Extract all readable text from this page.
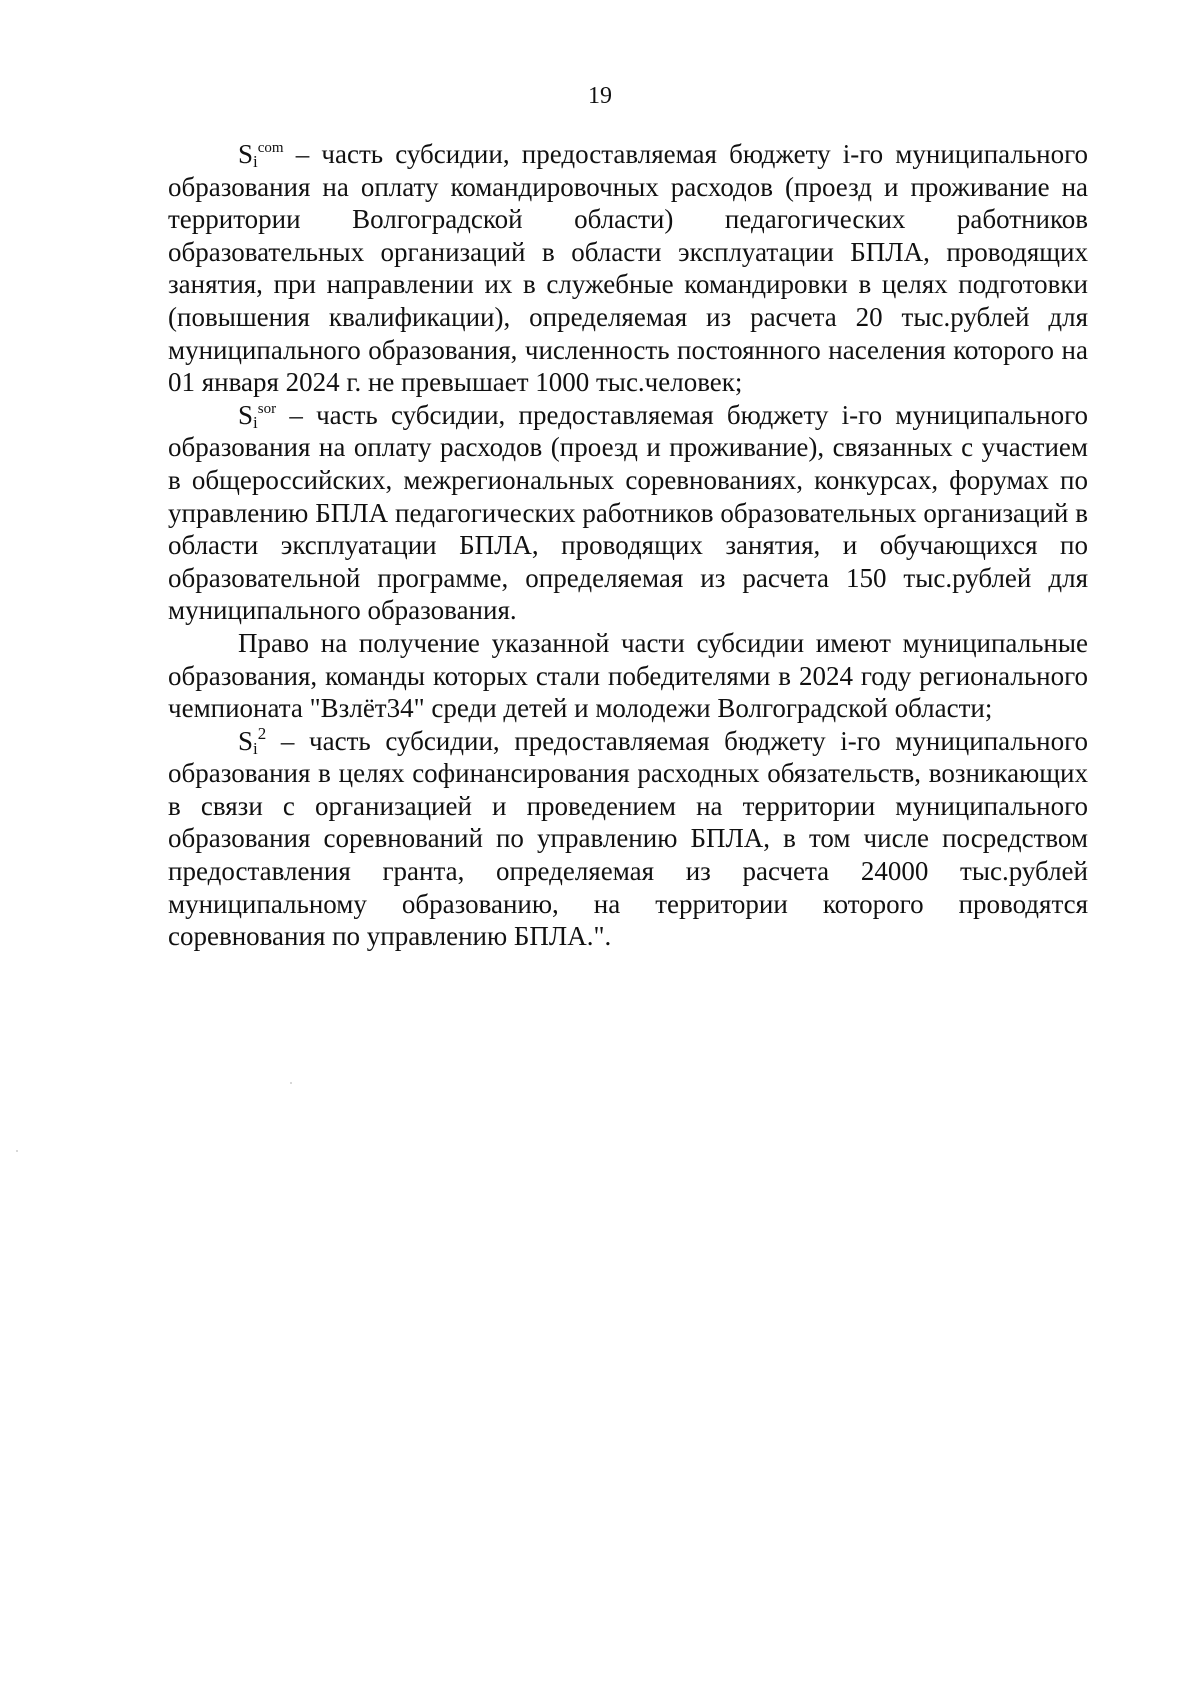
19

$S_i^{com}$ – часть субсидии, предоставляемая бюджету i-го муниципального образования на оплату командировочных расходов (проезд и проживание на территории Волгоградской области) педагогических работников образовательных организаций в области эксплуатации БПЛА, проводящих занятия, при направлении их в служебные командировки в целях подготовки (повышения квалификации), определяемая из расчета 20 тыс.рублей для муниципального образования, численность постоянного населения которого на 01 января 2024 г. не превышает 1000 тыс.человек;

$S_i^{sor}$ – часть субсидии, предоставляемая бюджету i-го муниципального образования на оплату расходов (проезд и проживание), связанных с участием в общероссийских, межрегиональных соревнованиях, конкурсах, форумах по управлению БПЛА педагогических работников образовательных организаций в области эксплуатации БПЛА, проводящих занятия, и обучающихся по образовательной программе, определяемая из расчета 150 тыс.рублей для муниципального образования.

Право на получение указанной части субсидии имеют муниципальные образования, команды которых стали победителями в 2024 году регионального чемпионата "Взлёт34" среди детей и молодежи Волгоградской области;

$S_i^2$ – часть субсидии, предоставляемая бюджету i-го муниципального образования в целях софинансирования расходных обязательств, возникающих в связи с организацией и проведением на территории муниципального образования соревнований по управлению БПЛА, в том числе посредством предоставления гранта, определяемая из расчета 24000 тыс.рублей муниципальному образованию, на территории которого проводятся соревнования по управлению БПЛА.".
